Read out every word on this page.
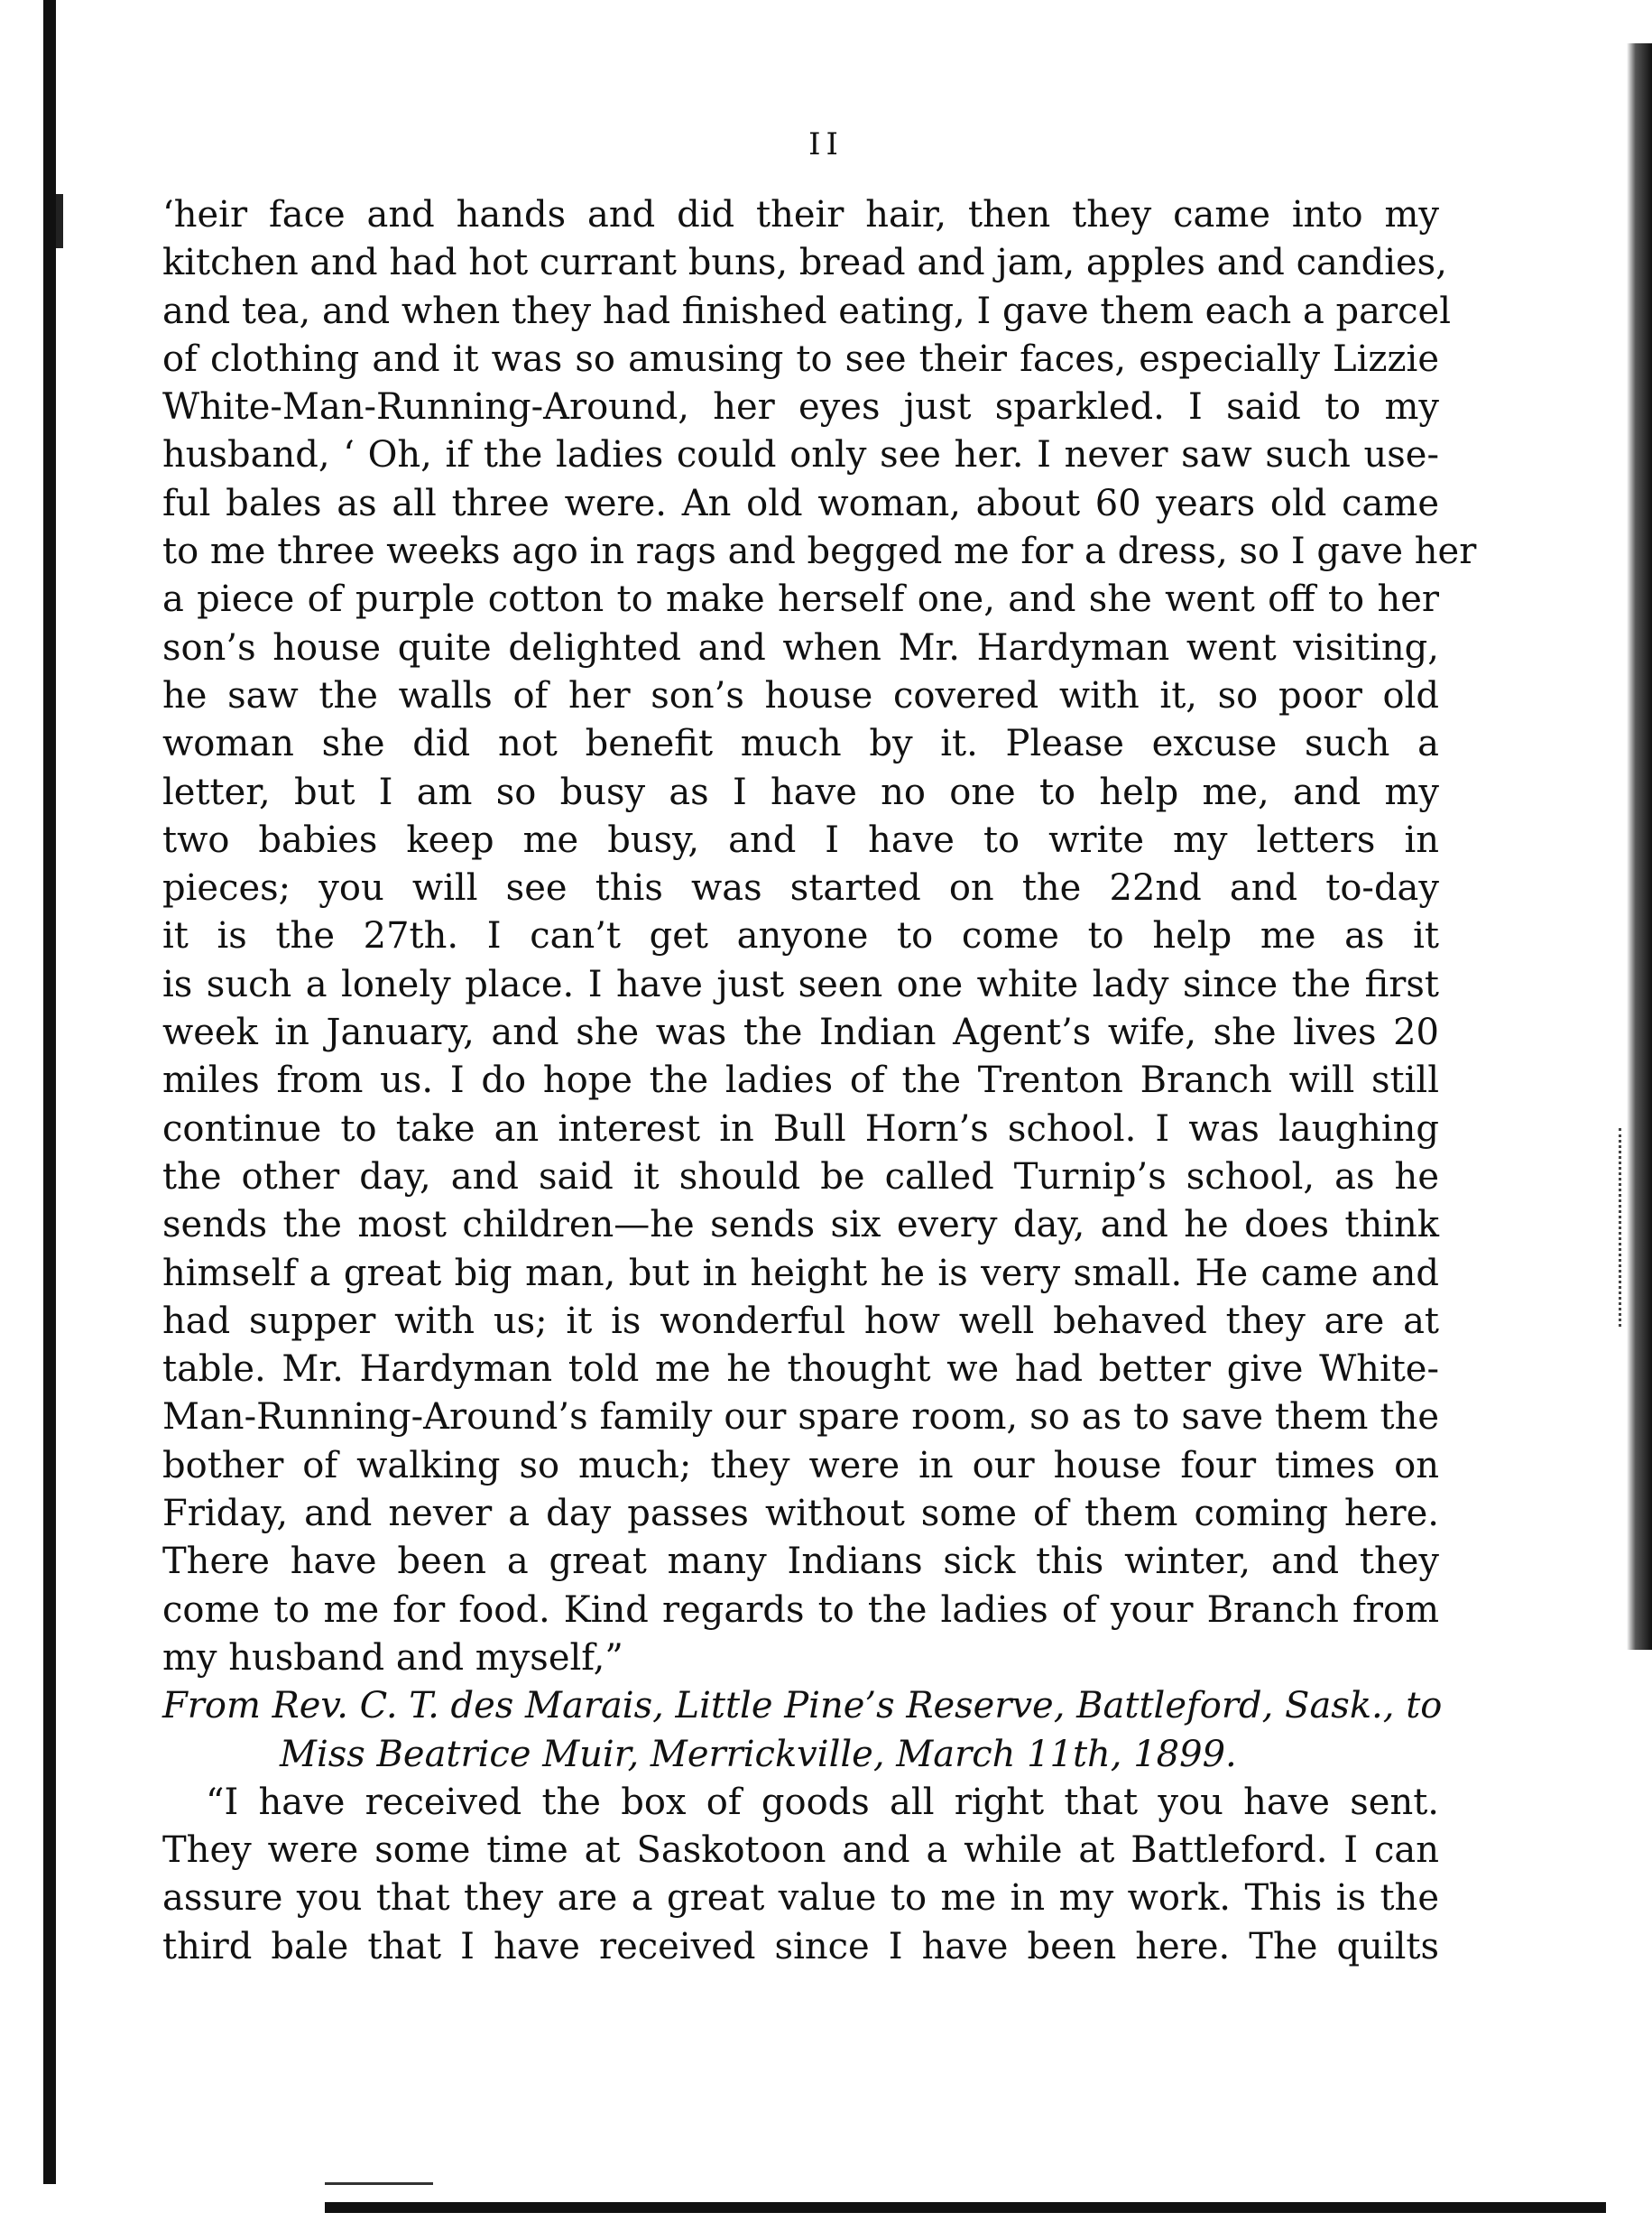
II
‘heir face and hands and did their hair, then they came into my
kitchen and had hot currant buns, bread and jam, apples and candies,
and tea, and when they had finished eating, I gave them each a parcel
of clothing and it was so amusing to see their faces, especially Lizzie
White-Man-Running-Around, her eyes just sparkled. I said to my
husband, ‘ Oh, if the ladies could only see her. I never saw such use-
ful bales as all three were. An old woman, about 60 years old came
to me three weeks ago in rags and begged me for a dress, so I gave her
a piece of purple cotton to make herself one, and she went off to her
son’s house quite delighted and when Mr. Hardyman went visiting,
he saw the walls of her son’s house covered with it, so poor old
woman she did not benefit much by it. Please excuse such a
letter, but I am so busy as I have no one to help me, and my
two babies keep me busy, and I have to write my letters in
pieces; you will see this was started on the 22nd and to-day
it is the 27th. I can’t get anyone to come to help me as it
is such a lonely place. I have just seen one white lady since the first
week in January, and she was the Indian Agent’s wife, she lives 20
miles from us. I do hope the ladies of the Trenton Branch will still
continue to take an interest in Bull Horn’s school. I was laughing
the other day, and said it should be called Turnip’s school, as he
sends the most children—he sends six every day, and he does think
himself a great big man, but in height he is very small. He came and
had supper with us; it is wonderful how well behaved they are at
table. Mr. Hardyman told me he thought we had better give White-
Man-Running-Around’s family our spare room, so as to save them the
bother of walking so much; they were in our house four times on
Friday, and never a day passes without some of them coming here.
There have been a great many Indians sick this winter, and they
come to me for food. Kind regards to the ladies of your Branch from
my husband and myself,”
From Rev. C. T. des Marais, Little Pine’s Reserve, Battleford, Sask., to
Miss Beatrice Muir, Merrickville, March 11th, 1899.
“I have received the box of goods all right that you have sent.
They were some time at Saskotoon and a while at Battleford. I can
assure you that they are a great value to me in my work. This is the
third bale that I have received since I have been here. The quilts
